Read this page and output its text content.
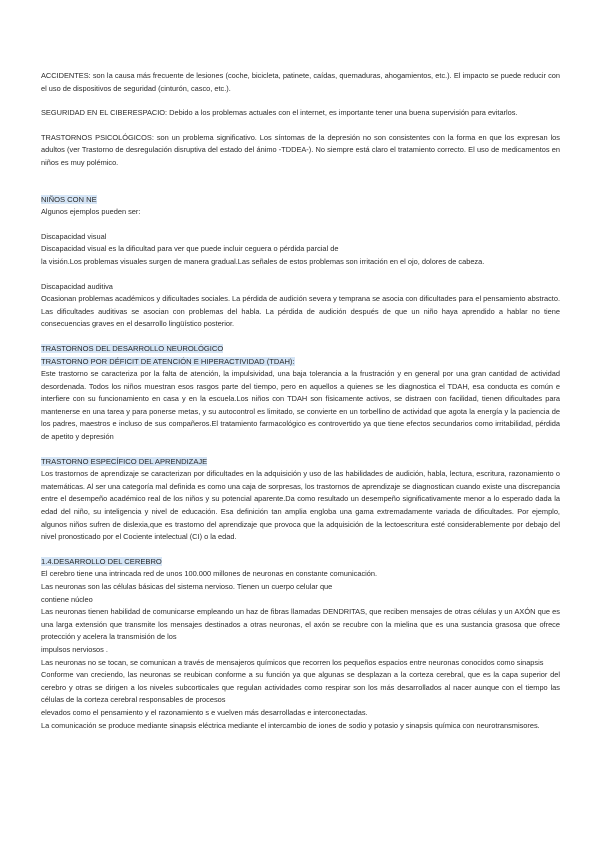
ACCIDENTES: son la causa más frecuente de lesiones (coche, bicicleta, patinete, caídas, quemaduras, ahogamientos, etc.). El impacto se puede reducir con el uso de dispositivos de seguridad (cinturón, casco, etc.).

SEGURIDAD EN EL CIBERESPACIO: Debido a los problemas actuales con el internet, es importante tener una buena supervisión para evitarlos.

TRASTORNOS PSICOLÓGICOS: son un problema significativo. Los síntomas de la depresión no son consistentes con la forma en que los expresan los adultos (ver Trastorno de desregulación disruptiva del estado del ánimo -TDDEA-). No siempre está claro el tratamiento correcto. El uso de medicamentos en niños es muy polémico.

NIÑOS CON NE

Algunos ejemplos pueden ser:

Discapacidad visual

Discapacidad visual es la dificultad para ver que puede incluir ceguera o pérdida parcial de

la visión.Los problemas visuales surgen de manera gradual.Las señales de estos problemas son irritación en el ojo, dolores de cabeza.

Discapacidad auditiva

Ocasionan problemas académicos y dificultades sociales. La pérdida de audición severa y temprana se asocia con dificultades para el pensamiento abstracto. Las dificultades auditivas se asocian con problemas del habla. La pérdida de audición después de que un niño haya aprendido a hablar no tiene consecuencias graves en el desarrollo lingüístico posterior.

TRASTORNOS DEL DESARROLLO NEUROLÓGICO

TRASTORNO POR DÉFICIT DE ATENCIÓN E HIPERACTIVIDAD (TDAH):

Este trastorno se caracteriza por la falta de atención, la impulsividad, una baja tolerancia a la frustración y en general por una gran cantidad de actividad desordenada. Todos los niños muestran esos rasgos parte del tiempo, pero en aquellos a quienes se les diagnostica el TDAH, esa conducta es común e interfiere con su funcionamiento en casa y en la escuela.Los niños con TDAH son físicamente activos, se distraen con facilidad, tienen dificultades para mantenerse en una tarea y para ponerse metas, y su autocontrol es limitado, se convierte en un torbellino de actividad que agota la energía y la paciencia de los padres, maestros e incluso de sus compañeros.El tratamiento farmacológico es controvertido ya que tiene efectos secundarios como irritabilidad, pérdida de apetito y depresión

TRASTORNO ESPECÍFICO DEL APRENDIZAJE

Los trastornos de aprendizaje se caracterizan por dificultades en la adquisición y uso de las habilidades de audición, habla, lectura, escritura, razonamiento o matemáticas. Al ser una categoría mal definida es como una caja de sorpresas, los trastornos de aprendizaje se diagnostican cuando existe una discrepancia entre el desempeño académico real de los niños y su potencial aparente.Da como resultado un desempeño significativamente menor a lo esperado dada la edad del niño, su inteligencia y nivel de educación. Esa definición tan amplia engloba una gama extremadamente variada de dificultades. Por ejemplo, algunos niños sufren de dislexia,que es trastorno del aprendizaje que provoca que la adquisición de la lectoescritura esté considerablemente por debajo del nivel pronosticado por el Cociente intelectual (CI) o la edad.

1.4.DESARROLLO DEL CEREBRO

El cerebro tiene una intrincada red de unos 100.000 millones de neuronas en constante comunicación.

Las neuronas son las células básicas del sistema nervioso. Tienen un cuerpo celular que

contiene núcleo

Las neuronas tienen habilidad de comunicarse empleando un haz de fibras llamadas DENDRITAS, que reciben mensajes de otras células y un AXÓN que es una larga extensión que transmite los mensajes destinados a otras neuronas, el axón se recubre con la mielina que es una sustancia grasosa que ofrece protección y acelera la transmisión de los

impulsos nerviosos .

Las neuronas no se tocan, se comunican a través de mensajeros químicos que recorren los pequeños espacios entre neuronas conocidos como sinapsis

Conforme van creciendo, las neuronas se reubican conforme a su función ya que algunas se desplazan a la corteza cerebral, que es la capa superior del cerebro y otras se dirigen a los niveles subcorticales que regulan actividades como respirar son los más desarrollados al nacer aunque con el tiempo las células de la corteza cerebral responsables de procesos

elevados como el pensamiento y el razonamiento s e vuelven más desarrolladas e interconectadas.

La comunicación se produce mediante sinapsis eléctrica mediante el intercambio de iones de sodio y potasio y sinapsis química con neurotransmisores.
